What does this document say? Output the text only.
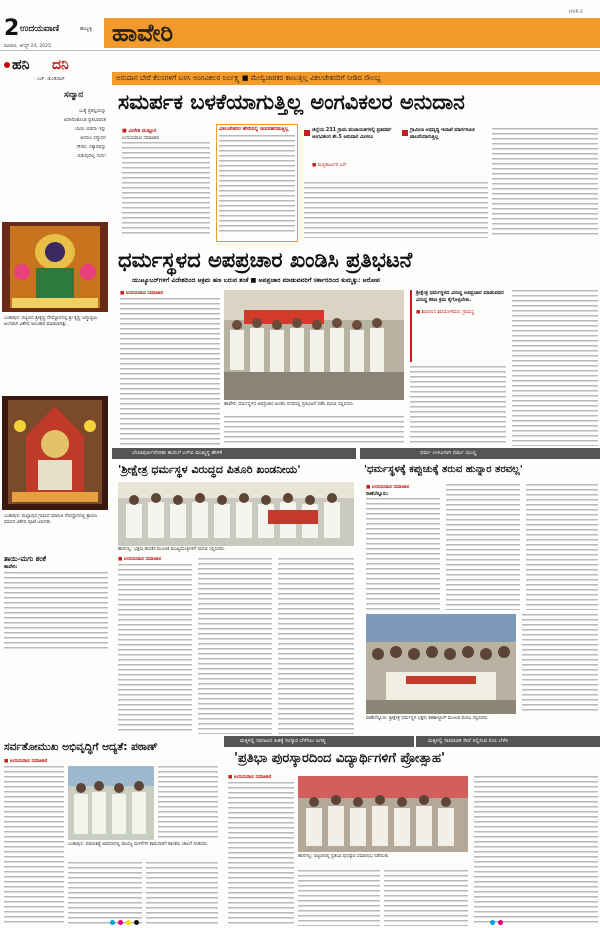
2 ಉದಯವಾಣಿ	ಹುಬ್ಬಳ್ಳಿ
ರವಿವಾರ, ಆಗಸ್ಟ್ 24, 2025	ಹಾವೇರಿ
HVR-2
ಅನುದಾನ ಬೇರೆ ಕೆಲಸಗಳಿಗೆ ಬಳಸಿ ಅಂಗವಿಕಲರ ನಿರ್ಲಕ್ಷ್ಯ ■ ಮೇಲ್ವಿಚಾರಕರ ಕಾಣುತ್ತಿಲ್ಲ ವಿಕಲಚೇತನರಿಗೆ ನೀಡಿದ ಸೌಲಭ್ಯ
ಹನಿ ದನಿ
- ಎಚ್. ಡುಂಡಿರಾಜ್
ಸನ್ಮಾನ
ಬುಕ್ಕೆ ಪ್ರಶಸ್ತಿಯನ್ನು
ಖರೀದಿಸಿಕೊಂಡ ಪ್ರತಿಭಾವಂತ
ಬಾಯಿ ಬಿಡದಾ ಇನ್ನು
ಆದರೂ ಸನ್ಮಾನದ
ಗೌರವ, ಸತ್ಕಾರವನ್ನು
ಬಿಡುವುದಿಲ್ಲ ನಂದಿ!
ಸಮರ್ಪಕ ಬಳಕೆಯಾಗುತ್ತಿಲ್ಲ ಅಂಗವಿಕಲರ ಅನುದಾನ
■ ವೀರೇಶ ಮಡ್ಲೂರ
ಉದಯವಾಣಿ ಸಮಾಚಾರ
ವಿಕಲಚೇತನರ ಹೆಸರಿನಲ್ಲಿ ಜೀವನಹರಡುತ್ತಿಲ್ಲ	ಜಿಲ್ಲೆಯ 231 ಗ್ರಾಮ ಪಂಚಾಯತಿಗಳಲ್ಲಿ ಪ್ರತಿವರ್ಷ ಅಂಗವಿಕಲರ ಶೇ.5 ಅನುದಾನ ಮೀಸಲು
■ ಮಲ್ಲಿಕಾರ್ಜುನ ಎಸ್.
ಗ್ರಾಮೀಣ ಅಭಿವೃದ್ಧಿ ಇಲಾಖೆ ಮಾರ್ಗಸೂಚಿ ಪಾಲನೆಯಾಗುತ್ತಿಲ್ಲ
ಬಂಕಾಪುರ: ಪಟ್ಟಣದ ಶ್ರೀಕೃಷ್ಣ ದೇವಸ್ಥಾನದಲ್ಲಿ ಶ್ರೀ ಕೃಷ್ಣ ಜನ್ಮಾಷ್ಟಮಿ ಅಂಗವಾಗಿ ವಿಶೇಷ ಅಲಂಕಾರ ಮಾಡಲಾಗಿತ್ತು.
ಬಂಕಾಪುರ: ಮಲ್ಲಾಪುರ ಗ್ರಾಮದ ಮಾರುತಿ ದೇವಸ್ಥಾನದಲ್ಲಿ ಶ್ರಾವಣ ಮಾಸದ ವಿಶೇಷ ಪೂಜೆ ಜರುಗಿತು.
ತಾಯಿ-ಮಗು ಶಂಕೆ
ಹಾವೇರಿ:
ಧರ್ಮಸ್ಥಳದ ಅಪಪ್ರಚಾರ ಖಂಡಿಸಿ ಪ್ರತಿಭಟನೆ
ಯುಟ್ಯೂಬರ್‌ಗಳಿಗೆ ವಿದೇಶದಿಂದ ಆಕ್ರಮ ಹಣ ಬರುವ ಶಂಕೆ ■ ಅಪಪ್ರಚಾರ ಮಾಡುವವರಿಗೆ ಸರ್ಕಾರದಿಂದ ಕುಮ್ಮಕ್ಕು: ಆರೋಪ
■ ಉದಯವಾಣಿ ಸಮಾಚಾರ
ಹಾವೇರಿ: ಧರ್ಮಸ್ಥಳದ ಅಪಪ್ರಚಾರ ಖಂಡಿಸಿ ನಗರದಲ್ಲಿ ಪ್ರತಿಭಟನೆ ನಡೆಸಿ ಮನವಿ ಸಲ್ಲಿಸಿದರು.
ಶ್ರೀಕ್ಷೇತ್ರ ಧರ್ಮಸ್ಥಳದ ವಿರುದ್ಧ ಅಪಪ್ರಚಾರ ಮಾಡುವವರ ವಿರುದ್ಧ ಕಠಿಣ ಕ್ರಮ ಕೈಗೊಳ್ಳಬೇಕು.
■ ಶಿವಾನಂದ ಶಿವಯೋಗಿಮಠ, ಗ್ರಾಮಸ್ಥ
ಬೇಲಾಪುರ್ಣದೇವತಾ ಹುದುಗೆ ಎಸ್‌ಐ ಮುಖ್ಯಸ್ಥ ಹೇಳಿಕೆ
'ಶ್ರೀಕ್ಷೇತ್ರ ಧರ್ಮಸ್ಥಳ ವಿರುದ್ಧದ ಪಿತೂರಿ ಖಂಡನೀಯ'
ಹಾನಗಲ್ಲ: ಭಕ್ತರು ಶಾಸಕರ ಮೂಲಕ ಮುಖ್ಯಮಂತ್ರಿಗಳಿಗೆ ಮನವಿ ಸಲ್ಲಿಸಿದರು.
■ ಉದಯವಾಣಿ ಸಮಾಚಾರ
ಧರ್ಮ ಉಳಿವಿಗಾಗಿ ಧರ್ಮ ಯುದ್ಧ
'ಧರ್ಮಸ್ಥಳಕ್ಕೆ ಕಪ್ಪುಚುಕ್ಕೆ ತರುವ ಹುನ್ನಾರ ತರವಲ್ಲ'
■ ಉದಯವಾಣಿ ಸಮಾಚಾರ
ರಾಣೆಬೆನ್ನೂರು:
ರಾಣೆಬೆನ್ನೂರು: ಶ್ರೀಕ್ಷೇತ್ರ ಧರ್ಮಸ್ಥಳ ಭಕ್ತರು ತಹಶೀಲ್ದಾರ್ ಮೂಲಕ ಮನವಿ ಸಲ್ಲಿಸಿದರು.
ಸರ್ವತೋಮುಖ ಅಭಿವೃದ್ಧಿಗೆ ಆದ್ಯತೆ: ಪಠಾಣ್
■ ಉದಯವಾಣಿ ಸಮಾಚಾರ
ಬಂಕಾಪುರ: ಮಾರುಕಟ್ಟೆ ಆವರಣದಲ್ಲಿ ವಾಣಿಜ್ಯ ಮಳಿಗೆಗಳ ಕಾಮಗಾರಿಗೆ ಶಾಸಕರು ಚಾಲನೆ ನೀಡಿದರು.
ಮಕ್ಕಳಲ್ಲಿ ಸಮಾಜದ ಹಿತಕ್ಕೆ ಸಂಸ್ಕಾರ ಬೆಳೆಸಲು ಅಗತ್ಯ	ಮಕ್ಕಳಲ್ಲಿ ಸಾಮಾಜಿಕ ಸೇವೆ ಸಲ್ಲಿಸುವ ಗುಣ ಬೆಳೆಸಿ
'ಪ್ರತಿಭಾ ಪುರಸ್ಕಾರದಿಂದ ವಿದ್ಯಾರ್ಥಿಗಳಿಗೆ ಪ್ರೋತ್ಸಾಹ'
■ ಉದಯವಾಣಿ ಸಮಾಚಾರ
ಹಾನಗಲ್ಲ: ಪಟ್ಟಣದಲ್ಲಿ ಪ್ರತಿಭಾ ಪುರಸ್ಕಾರ ಸಮಾರಂಭ ನಡೆಯಿತು.
